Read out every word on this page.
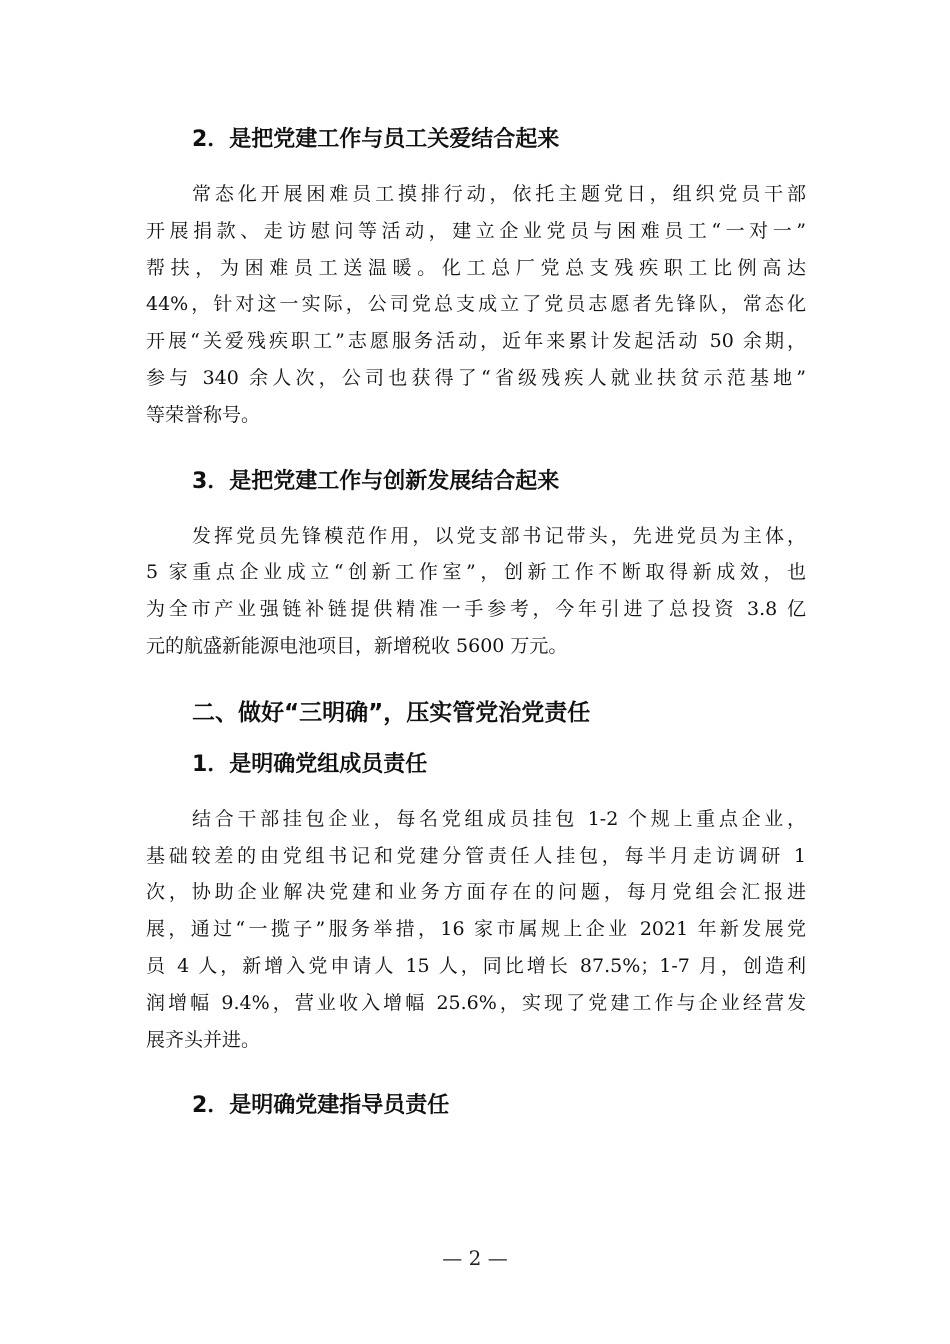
2．是把党建工作与员工关爱结合起来

常态化开展困难员工摸排行动，依托主题党日，组织党员干部
开展捐款、走访慰问等活动，建立企业党员与困难员工“一对一”
帮扶，为困难员工送温暖。化工总厂党总支残疾职工比例高达
44%，针对这一实际，公司党总支成立了党员志愿者先锋队，常态化
开展“关爱残疾职工”志愿服务活动，近年来累计发起活动 50 余期，
参与 340 余人次，公司也获得了“省级残疾人就业扶贫示范基地”
等荣誉称号。

3．是把党建工作与创新发展结合起来

发挥党员先锋模范作用，以党支部书记带头，先进党员为主体，
5 家重点企业成立“创新工作室”，创新工作不断取得新成效，也
为全市产业强链补链提供精准一手参考，今年引进了总投资 3.8 亿
元的航盛新能源电池项目，新增税收 5600 万元。

二、做好“三明确”，压实管党治党责任
1．是明确党组成员责任

结合干部挂包企业，每名党组成员挂包 1-2 个规上重点企业，
基础较差的由党组书记和党建分管责任人挂包，每半月走访调研 1
次，协助企业解决党建和业务方面存在的问题，每月党组会汇报进
展，通过“一揽子”服务举措，16 家市属规上企业 2021 年新发展党
员 4 人，新增入党申请人 15 人，同比增长 87.5%；1-7 月，创造利
润增幅 9.4%，营业收入增幅 25.6%，实现了党建工作与企业经营发
展齐头并进。

2．是明确党建指导员责任
— 2 —
